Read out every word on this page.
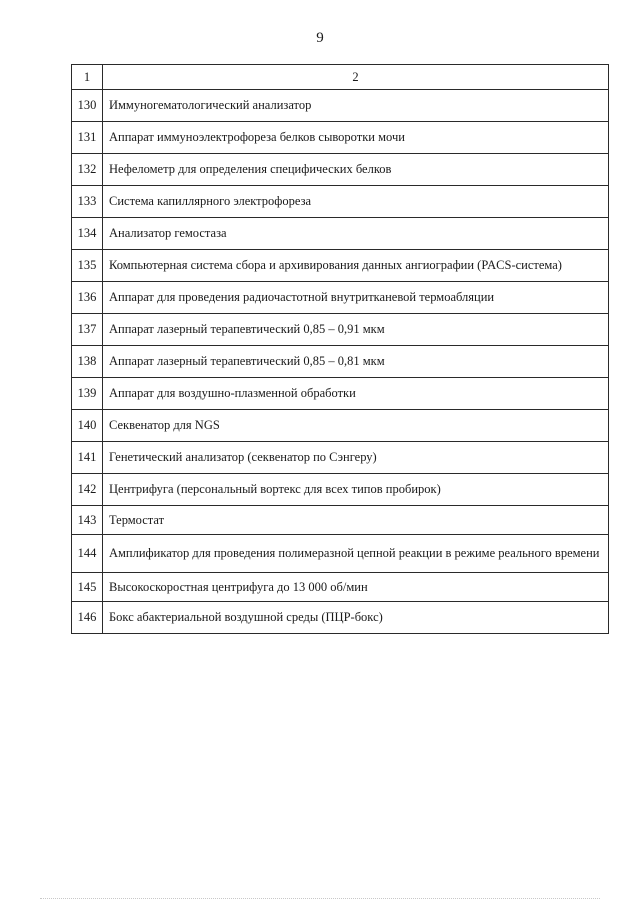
9
1	2
130	Иммуногематологический анализатор
131	Аппарат иммуноэлектрофореза белков сыворотки мочи
132	Нефелометр для определения специфических белков
133	Система капиллярного электрофореза
134	Анализатор гемостаза
135	Компьютерная система сбора и архивирования данных ангиографии (PACS-система)
136	Аппарат для проведения радиочастотной внутритканевой термоабляции
137	Аппарат лазерный терапевтический 0,85 – 0,91 мкм
138	Аппарат лазерный терапевтический 0,85 – 0,81 мкм
139	Аппарат для воздушно-плазменной обработки
140	Секвенатор для NGS
141	Генетический анализатор (секвенатор по Сэнгеру)
142	Центрифуга (персональный вортекс для всех типов пробирок)
143	Термостат
144	Амплификатор для проведения полимеразной цепной реакции в режиме реального времени
145	Высокоскоростная центрифуга до 13 000 об/мин
146	Бокс абактериальной воздушной среды (ПЦР-бокс)
